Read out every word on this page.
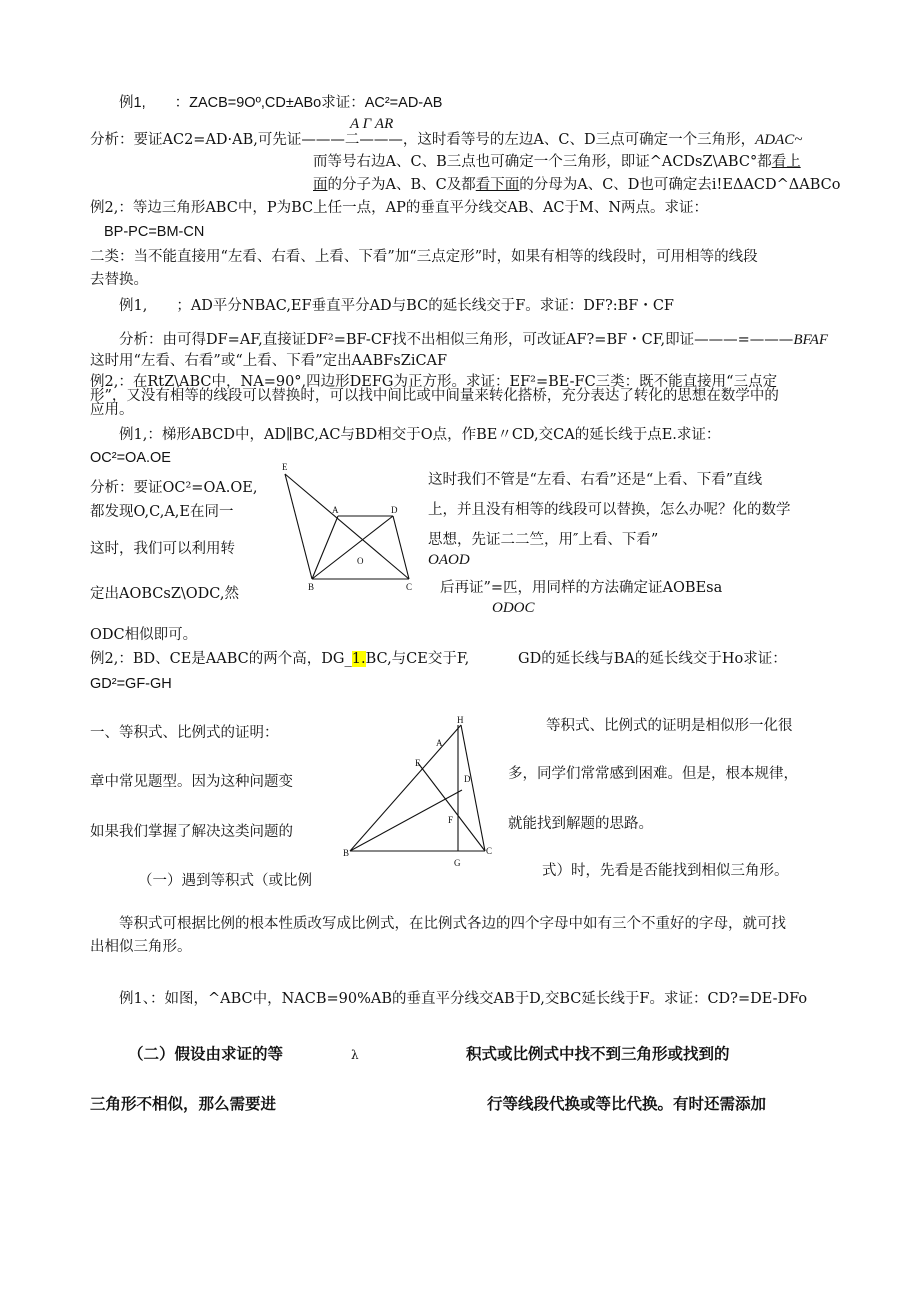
例1,　　：ZACB=9Oº,CD±ABo求证：AC²=AD-AB
A Γ AR
分析：要证AC2=AD·AB,可先证———二———，这时看等号的左边A、C、D三点可确定一个三角形，ADAC~
而等号右边A、C、B三点也可确定一个三角形，即证^ACDsZ\ABC°都看上
面的分子为A、B、C及都看下面的分母为A、C、D也可确定去i!EΔACD^ΔABCo
例2,：等边三角形ABC中，P为BC上任一点，AP的垂直平分线交AB、AC于M、N两点。求证：
BP-PC=BM-CN
二类：当不能直接用“左看、右看、上看、下看”加“三点定形”时，如果有相等的线段时，可用相等的线段
去替换。
例1,　　；AD平分NBAC,EF垂直平分AD与BC的延长线交于F。求证：DF?:BF・CF
分析：由可得DF=AF,直接证DF²=BF-CF找不出相似三角形，可改证AF?=BF・CF,即证———=———BFAF
这时用“左看、右看”或“上看、下看”定出AABFsZiCAF
例2,：在RtZ\ABC中，NA=90°,四边形DEFG为正方形。求证：EF²=BE-FC三类：既不能直接用“三点定
形”，又没有相等的线段可以替换时，可以找中间比或中间量来转化搭桥，充分表达了转化的思想在数学中的
应用。
例1,：梯形ABCD中，AD∥BC,AC与BD相交于O点，作BE〃CD,交CA的延长线于点E.求证：
OC²=OA.OE
分析：要证OC²=OA.OE,
都发现O,C,A,E在同一
这时，我们可以利用转
定出AOBCsZ\ODC,然
E
A	D
O
B	C
这时我们不管是“左看、右看”还是“上看、下看”直线
上，并且没有相等的线段可以替换，怎么办呢？化的数学
思想，先证二二竺，用″上看、下看”
OAOD
后再证”=匹，用同样的方法确定证AOBEsa
ODOC
ODC相似即可。
例2,：BD、CE是AABC的两个高，DG_1.BC,与CE交于F,	GD的延长线与BA的延长线交于Ho求证：
GD²=GF-GH
一、等积式、比例式的证明：
章中常见题型。因为这种问题变
如果我们掌握了解决这类问题的
（一）遇到等积式（或比例
H
A
E
D
F
B
G
C
等积式、比例式的证明是相似形一化很
多，同学们常常感到困难。但是，根本规律，
就能找到解题的思路。
式）时，先看是否能找到相似三角形。
等积式可根据比例的根本性质改写成比例式，在比例式各边的四个字母中如有三个不重好的字母，就可找
出相似三角形。
例1、：如图，^ABC中，NACB=90%AB的垂直平分线交AB于D,交BC延长线于F。求证：CD?=DE-DFo
（二）假设由求证的等	λ	积式或比例式中找不到三角形或找到的
三角形不相似，那么需要进	行等线段代换或等比代换。有时还需添加
